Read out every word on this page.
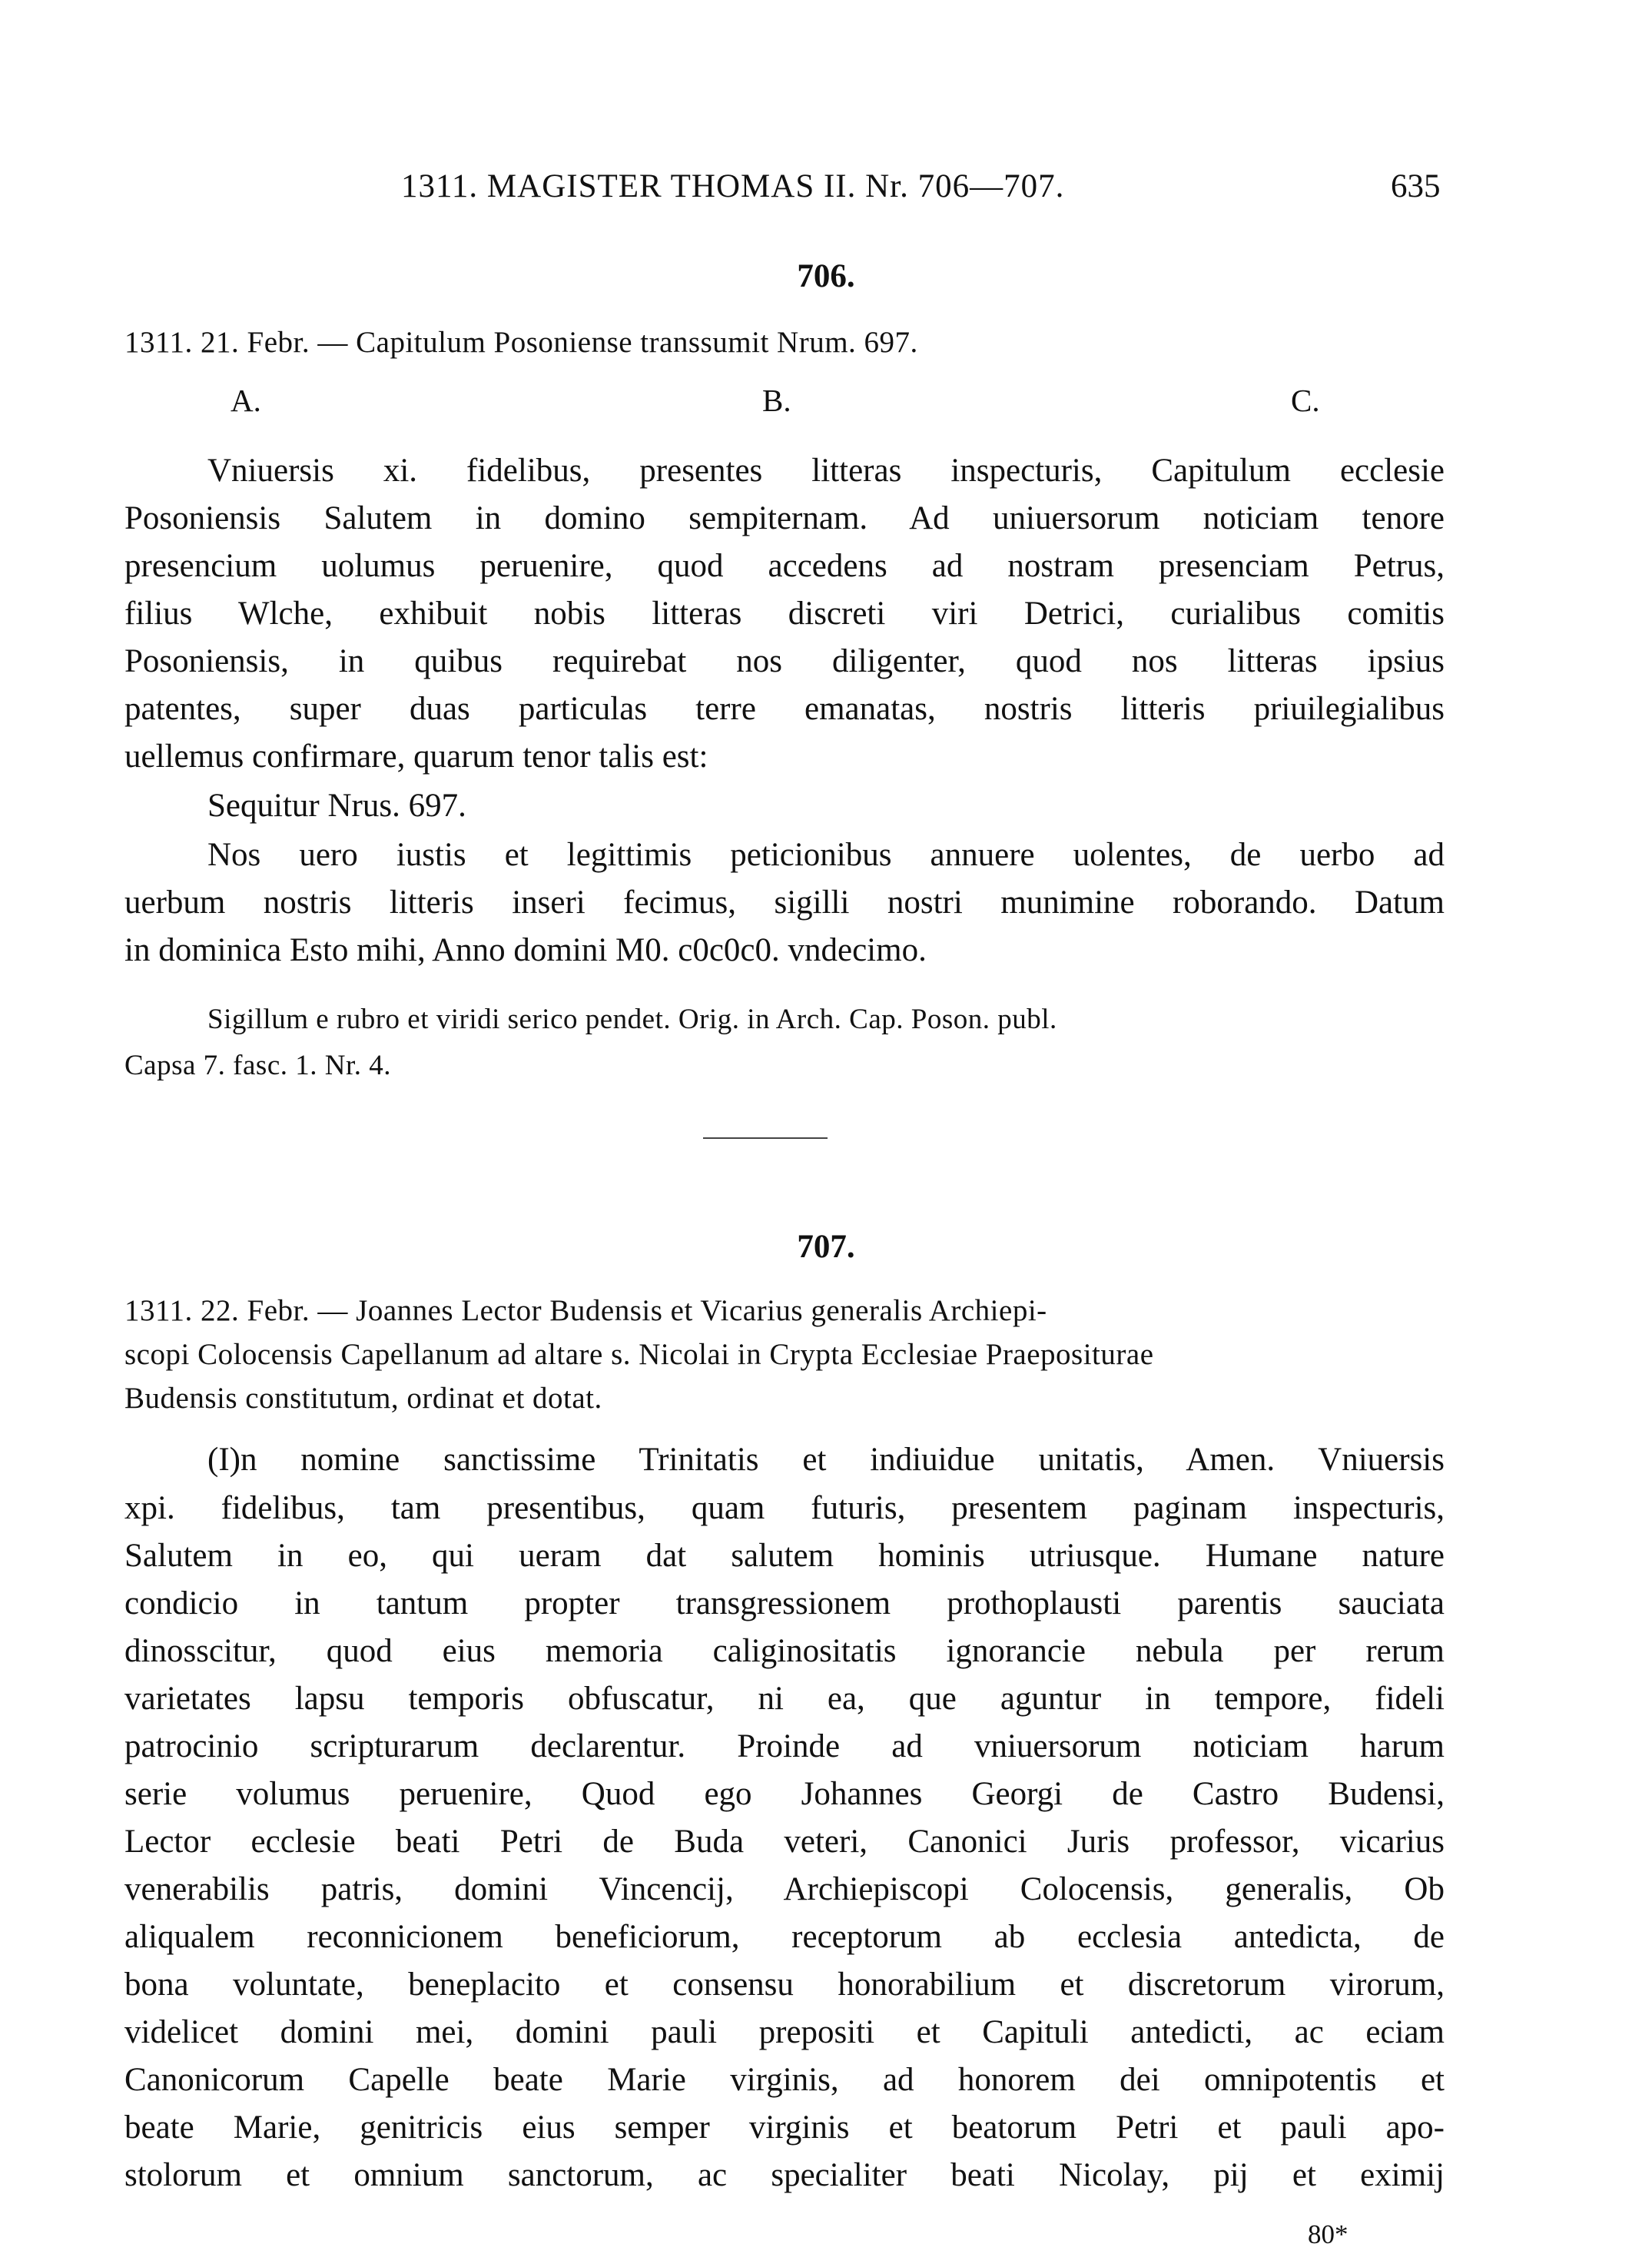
1311. MAGISTER THOMAS II. Nr. 706—707.	635
706.
1311. 21. Febr. — Capitulum Posoniense transsumit Nrum. 697.
A.	B.	C.
Vniuersis xi. fidelibus, presentes litteras inspecturis, Capitulum ecclesie
Posoniensis Salutem in domino sempiternam. Ad uniuersorum noticiam tenore
presencium uolumus peruenire, quod accedens ad nostram presenciam Petrus,
filius Wlche, exhibuit nobis litteras discreti viri Detrici, curialibus comitis
Posoniensis, in quibus requirebat nos diligenter, quod nos litteras ipsius
patentes, super duas particulas terre emanatas, nostris litteris priuilegialibus
uellemus confirmare, quarum tenor talis est:
Sequitur Nrus. 697.
Nos uero iustis et legittimis peticionibus annuere uolentes, de uerbo ad
uerbum nostris litteris inseri fecimus, sigilli nostri munimine roborando. Datum
in dominica Esto mihi, Anno domini M0. c0c0c0. vndecimo.
Sigillum e rubro et viridi serico pendet. Orig. in Arch. Cap. Poson. publ.
Capsa 7. fasc. 1. Nr. 4.
707.
1311. 22. Febr. — Joannes Lector Budensis et Vicarius generalis Archiepi-
scopi Colocensis Capellanum ad altare s. Nicolai in Crypta Ecclesiae Praepositurae
Budensis constitutum, ordinat et dotat.
(I)n nomine sanctissime Trinitatis et indiuidue unitatis, Amen. Vniuersis
xpi. fidelibus, tam presentibus, quam futuris, presentem paginam inspecturis,
Salutem in eo, qui ueram dat salutem hominis utriusque. Humane nature
condicio in tantum propter transgressionem prothoplausti parentis sauciata
dinosscitur, quod eius memoria caliginositatis ignorancie nebula per rerum
varietates lapsu temporis obfuscatur, ni ea, que aguntur in tempore, fideli
patrocinio scripturarum declarentur. Proinde ad vniuersorum noticiam harum
serie volumus peruenire, Quod ego Johannes Georgi de Castro Budensi,
Lector ecclesie beati Petri de Buda veteri, Canonici Juris professor, vicarius
venerabilis patris, domini Vincencij, Archiepiscopi Colocensis, generalis, Ob
aliqualem reconnicionem beneficiorum, receptorum ab ecclesia antedicta, de
bona voluntate, beneplacito et consensu honorabilium et discretorum virorum,
videlicet domini mei, domini pauli prepositi et Capituli antedicti, ac eciam
Canonicorum Capelle beate Marie virginis, ad honorem dei omnipotentis et
beate Marie, genitricis eius semper virginis et beatorum Petri et pauli apo-
stolorum et omnium sanctorum, ac specialiter beati Nicolay, pij et eximij
80*
